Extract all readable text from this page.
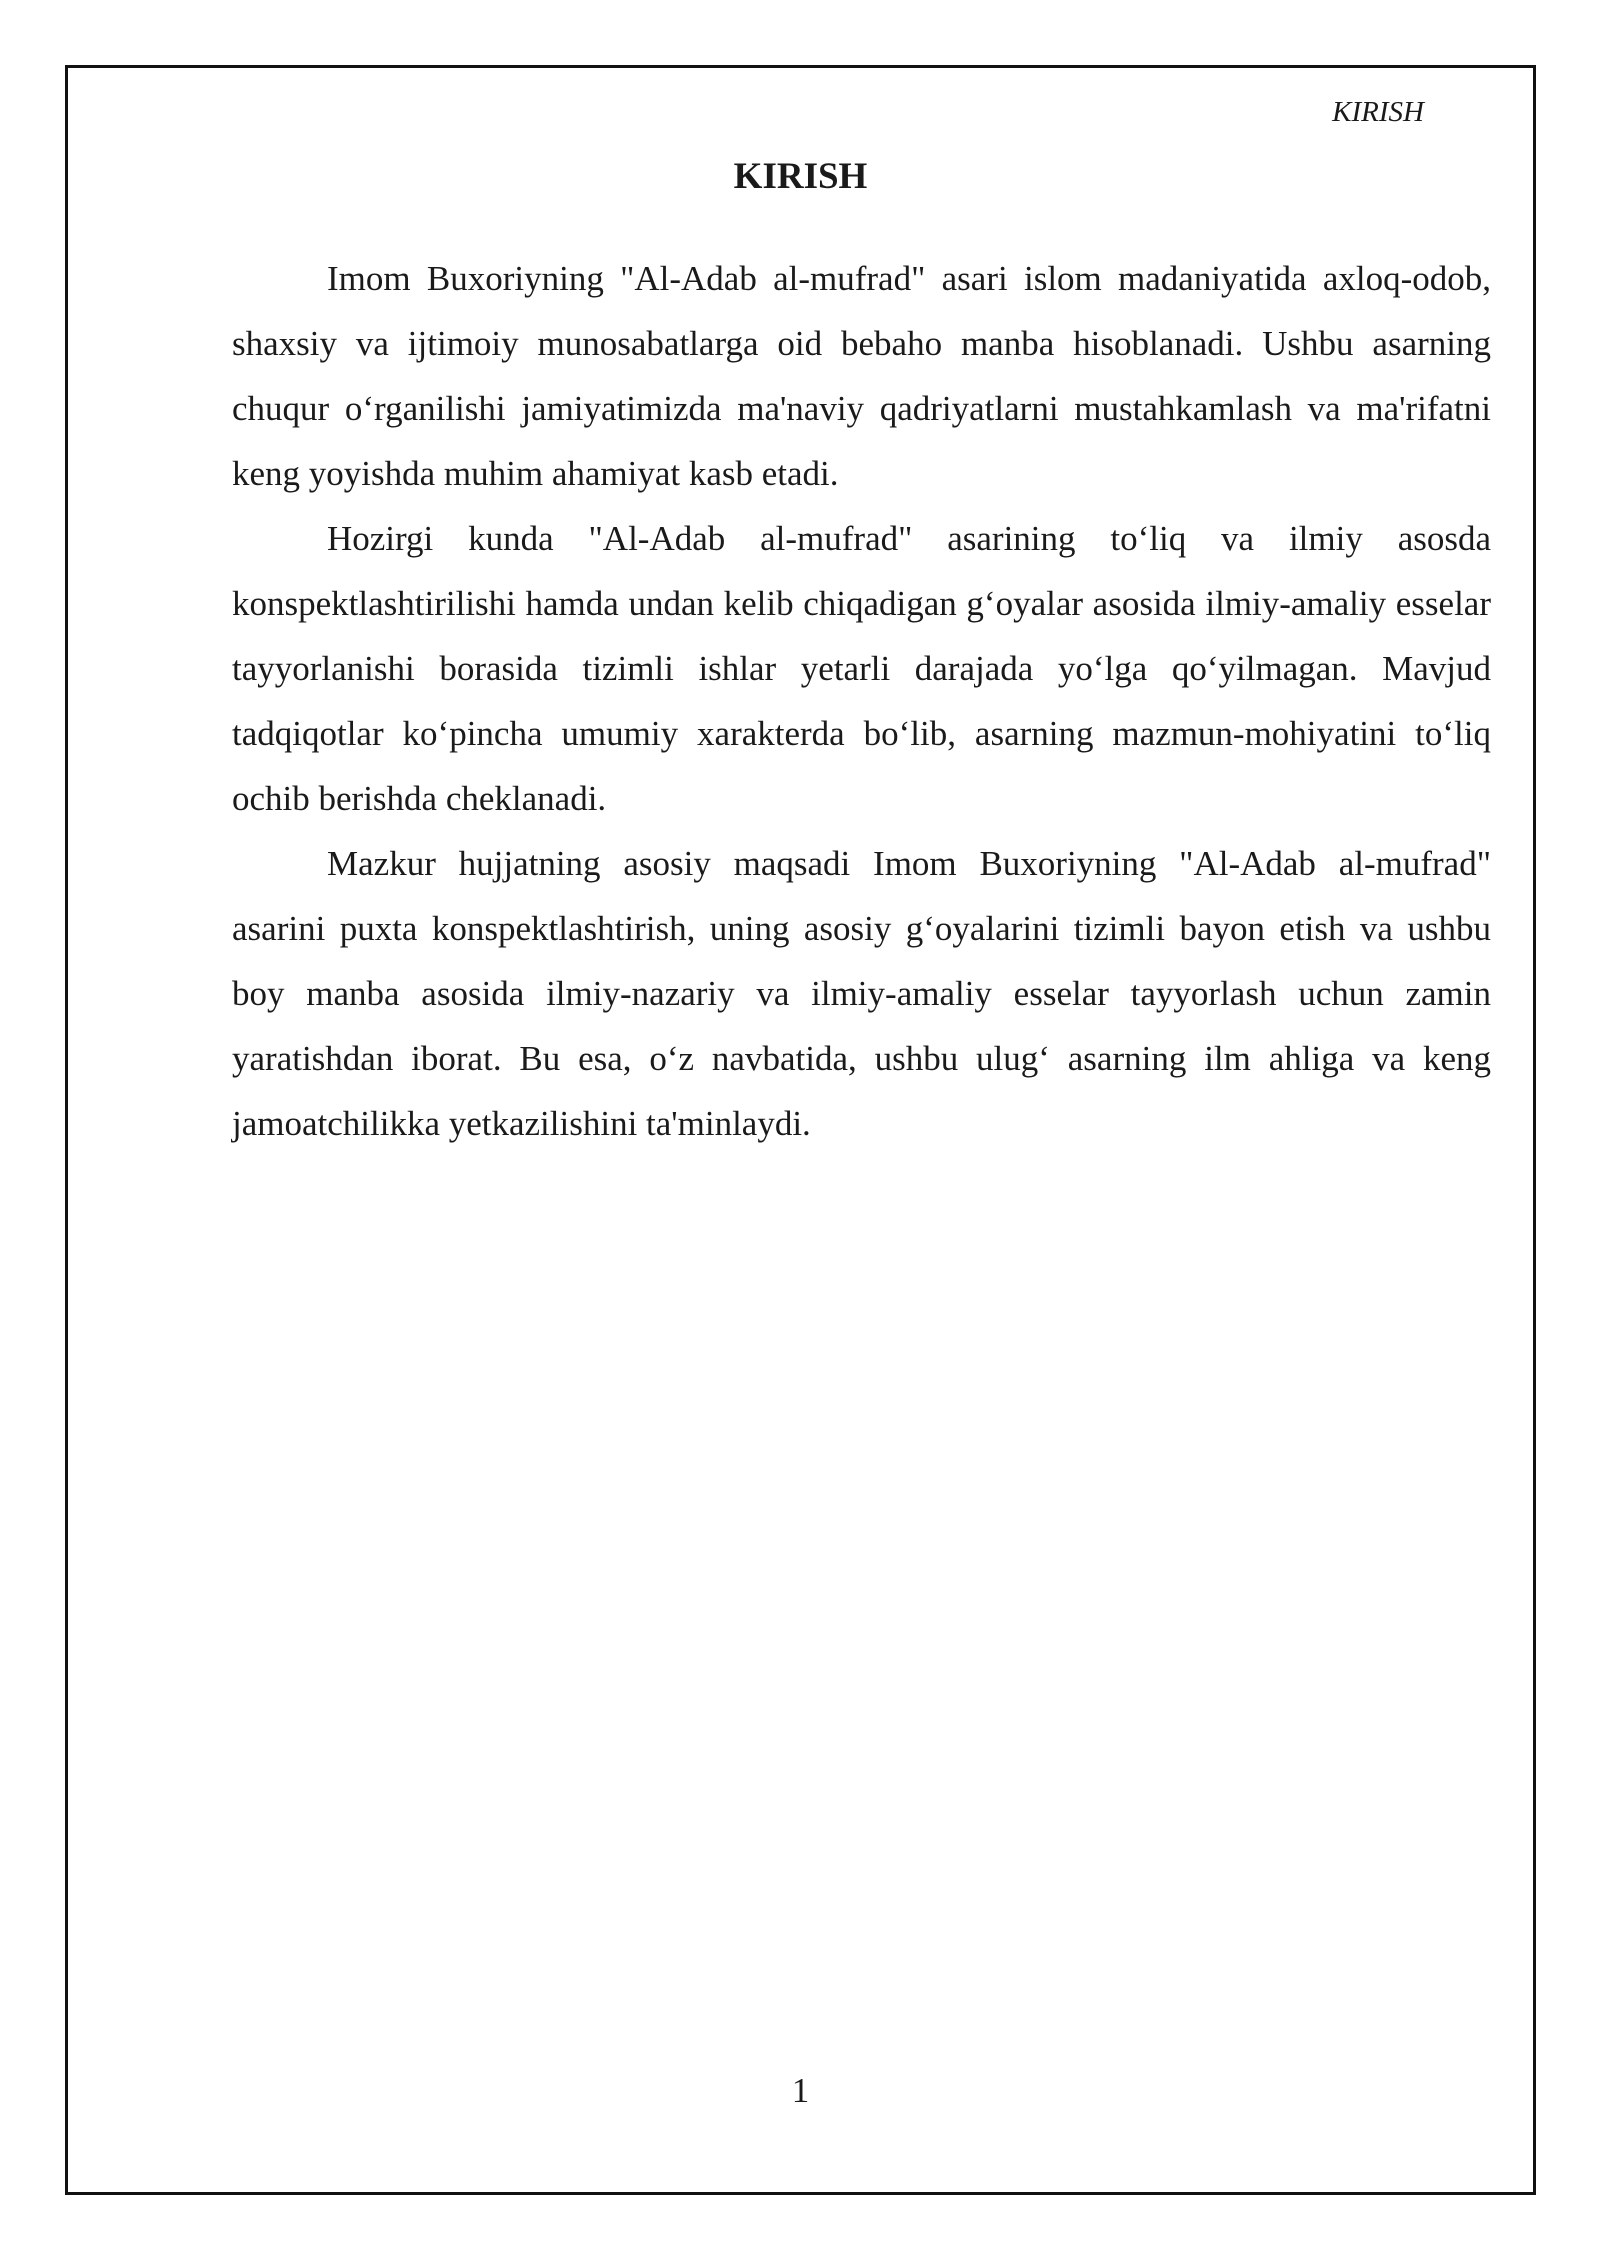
KIRISH
KIRISH

Imom Buxoriyning "Al-Adab al-mufrad" asari islom madaniyatida axloq-odob, shaxsiy va ijtimoiy munosabatlarga oid bebaho manba hisoblanadi. Ushbu asarning chuqur o‘rganilishi jamiyatimizda ma'naviy qadriyatlarni mustahkamlash va ma'rifatni keng yoyishda muhim ahamiyat kasb etadi.

Hozirgi kunda "Al-Adab al-mufrad" asarining to‘liq va ilmiy asosda konspektlashtirilishi hamda undan kelib chiqadigan g‘oyalar asosida ilmiy-amaliy esselar tayyorlanishi borasida tizimli ishlar yetarli darajada yo‘lga qo‘yilmagan. Mavjud tadqiqotlar ko‘pincha umumiy xarakterda bo‘lib, asarning mazmun-mohiyatini to‘liq ochib berishda cheklanadi.

Mazkur hujjatning asosiy maqsadi Imom Buxoriyning "Al-Adab al-mufrad" asarini puxta konspektlashtirish, uning asosiy g‘oyalarini tizimli bayon etish va ushbu boy manba asosida ilmiy-nazariy va ilmiy-amaliy esselar tayyorlash uchun zamin yaratishdan iborat. Bu esa, o‘z navbatida, ushbu ulug‘ asarning ilm ahliga va keng jamoatchilikka yetkazilishini ta'minlaydi.

1
